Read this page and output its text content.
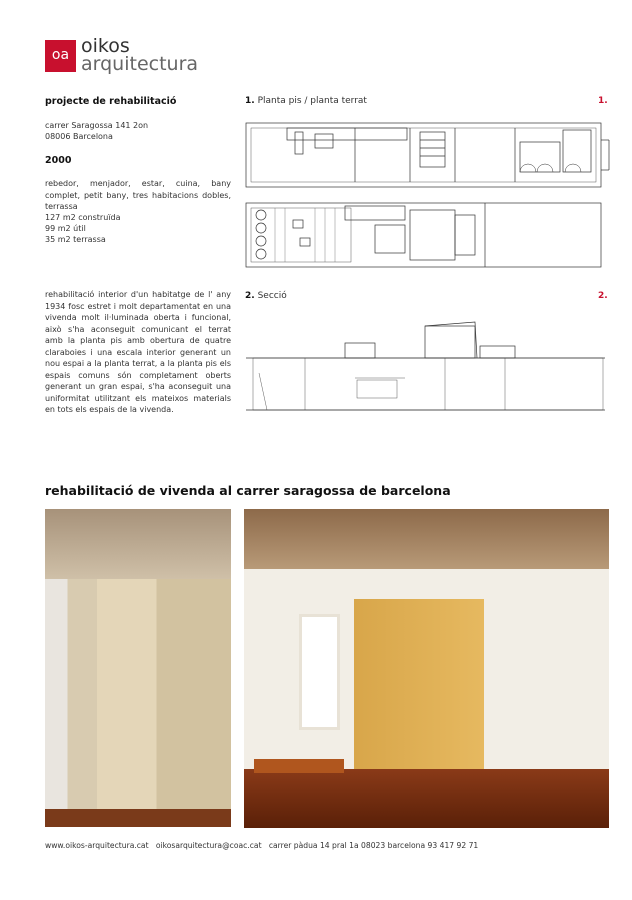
oa oikos
arquitectura
projecte de rehabilitació
carrer Saragossa 141 2on
08006 Barcelona
2000
rebedor, menjador, estar, cuina, bany complet, petit bany, tres habitacions dobles, terrassa
127 m2 construïda
99 m2 útil
35 m2 terrassa
rehabilitació interior d'un habitatge de l' any 1934 fosc estret i molt departamentat en una vivenda molt il·luminada oberta i funcional, això s'ha aconseguit comunicant el terrat amb la planta pis amb obertura de quatre claraboies i una escala interior generant un nou espai a la planta terrat, a la planta pis els espais comuns són completament oberts generant un gran espai, s'ha aconseguit una uniformitat utilitzant els mateixos materials en tots els espais de la vivenda.
1. Planta pis / planta terrat	1.
2. Secció	2.
rehabilitació de vivenda al carrer saragossa de barcelona
www.oikos-arquitectura.cat oikosarquitectura@coac.cat carrer pàdua 14 pral 1a 08023 barcelona 93 417 92 71
